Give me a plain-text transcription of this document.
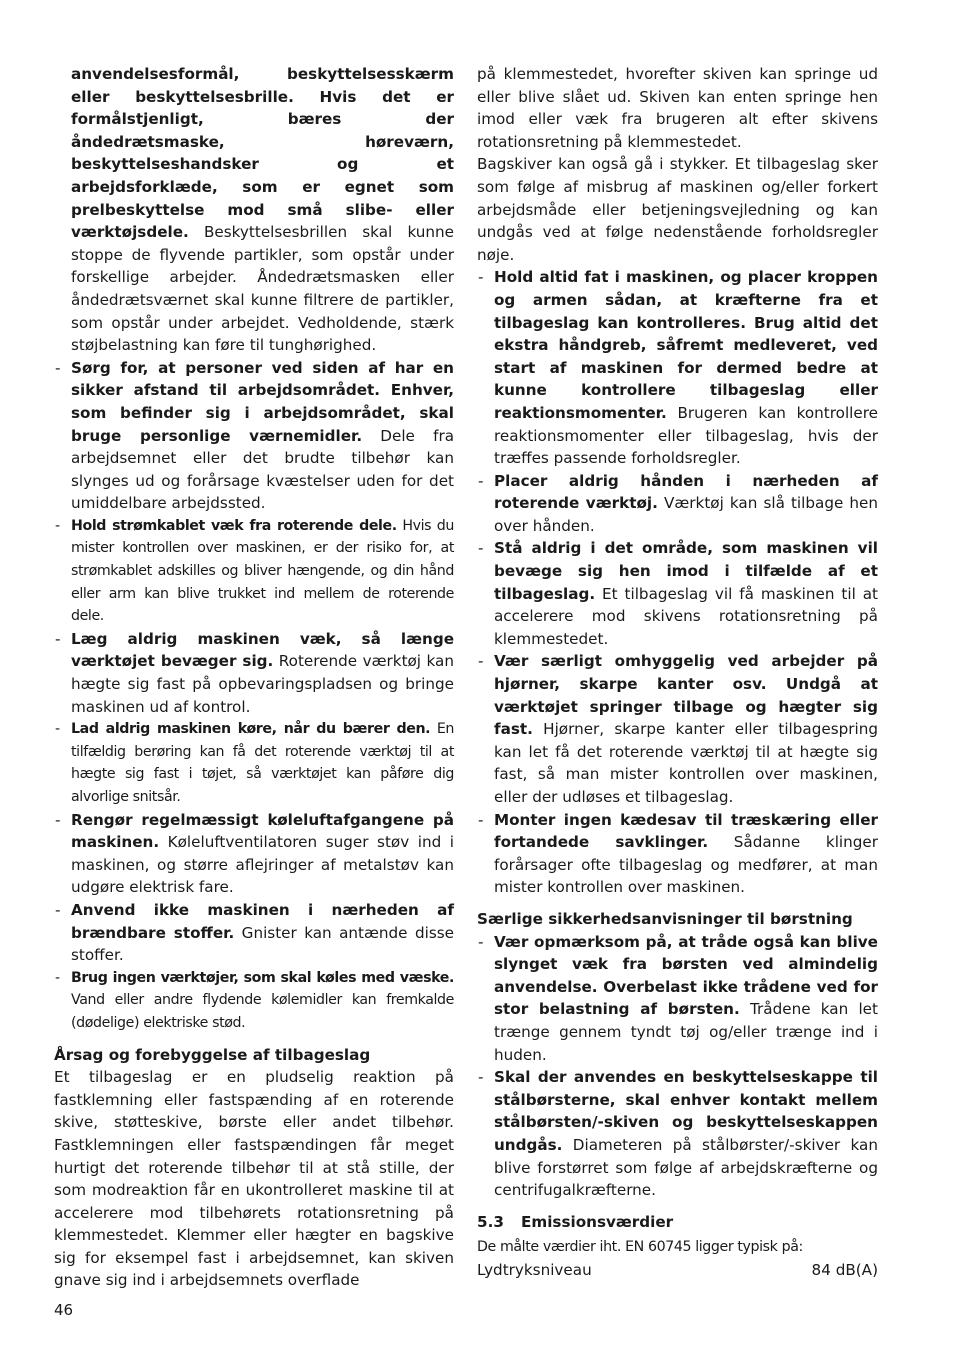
anvendelsesformål, beskyttelsesskærm eller beskyttelsesbrille. Hvis det er formålstjenligt, bæres der åndedrætsmaske, høreværn, beskyttelseshandsker og et arbejdsforklæde, som er egnet som prelbeskyttelse mod små slibe- eller værktøjsdele. Beskyttelsesbrillen skal kunne stoppe de flyvende partikler, som opstår under forskellige arbejder. Åndedrætsmasken eller åndedrætsværnet skal kunne filtrere de partikler, som opstår under arbejdet. Vedholdende, stærk støjbelastning kan føre til tunghørighed.

- Sørg for, at personer ved siden af har en sikker afstand til arbejdsområdet. Enhver, som befinder sig i arbejdsområdet, skal bruge personlige værnemidler. Dele fra arbejdsemnet eller det brudte tilbehør kan slynges ud og forårsage kvæstelser uden for det umiddelbare arbejdssted.
- Hold strømkablet væk fra roterende dele. Hvis du mister kontrollen over maskinen, er der risiko for, at strømkablet adskilles og bliver hængende, og din hånd eller arm kan blive trukket ind mellem de roterende dele.
- Læg aldrig maskinen væk, så længe værktøjet bevæger sig. Roterende værktøj kan hægte sig fast på opbevaringspladsen og bringe maskinen ud af kontrol.
- Lad aldrig maskinen køre, når du bærer den. En tilfældig berøring kan få det roterende værktøj til at hægte sig fast i tøjet, så værktøjet kan påføre dig alvorlige snitsår.
- Rengør regelmæssigt køleluftafgangene på maskinen. Køleluftventilatoren suger støv ind i maskinen, og større aflejringer af metalstøv kan udgøre elektrisk fare.
- Anvend ikke maskinen i nærheden af brændbare stoffer. Gnister kan antænde disse stoffer.
- Brug ingen værktøjer, som skal køles med væske. Vand eller andre flydende kølemidler kan fremkalde (dødelige) elektriske stød.
Årsag og forebyggelse af tilbageslag

Et tilbageslag er en pludselig reaktion på fastklemning eller fastspænding af en roterende skive, støtteskive, børste eller andet tilbehør. Fastklemningen eller fastspændingen får meget hurtigt det roterende tilbehør til at stå stille, der som modreaktion får en ukontrolleret maskine til at accelerere mod tilbehørets rotationsretning på klemmestedet. Klemmer eller hægter en bagskive sig for eksempel fast i arbejdsemnet, kan skiven gnave sig ind i arbejdsemnets overflade

på klemmestedet, hvorefter skiven kan springe ud eller blive slået ud. Skiven kan enten springe hen imod eller væk fra brugeren alt efter skivens rotationsretning på klemmestedet.

Bagskiver kan også gå i stykker. Et tilbageslag sker som følge af misbrug af maskinen og/eller forkert arbejdsmåde eller betjeningsvejledning og kan undgås ved at følge nedenstående forholdsregler nøje.

- Hold altid fat i maskinen, og placer kroppen og armen sådan, at kræfterne fra et tilbageslag kan kontrolleres. Brug altid det ekstra håndgreb, såfremt medleveret, ved start af maskinen for dermed bedre at kunne kontrollere tilbageslag eller reaktionsmomenter. Brugeren kan kontrollere reaktionsmomenter eller tilbageslag, hvis der træffes passende forholdsregler.
- Placer aldrig hånden i nærheden af roterende værktøj. Værktøj kan slå tilbage hen over hånden.
- Stå aldrig i det område, som maskinen vil bevæge sig hen imod i tilfælde af et tilbageslag. Et tilbageslag vil få maskinen til at accelerere mod skivens rotationsretning på klemmestedet.
- Vær særligt omhyggelig ved arbejder på hjørner, skarpe kanter osv. Undgå at værktøjet springer tilbage og hægter sig fast. Hjørner, skarpe kanter eller tilbagespring kan let få det roterende værktøj til at hægte sig fast, så man mister kontrollen over maskinen, eller der udløses et tilbageslag.
- Monter ingen kædesav til træskæring eller fortandede savklinger. Sådanne klinger forårsager ofte tilbageslag og medfører, at man mister kontrollen over maskinen.
Særlige sikkerhedsanvisninger til børstning
- Vær opmærksom på, at tråde også kan blive slynget væk fra børsten ved almindelig anvendelse. Overbelast ikke trådene ved for stor belastning af børsten. Trådene kan let trænge gennem tyndt tøj og/eller trænge ind i huden.
- Skal der anvendes en beskyttelseskappe til stålbørsterne, skal enhver kontakt mellem stålbørsten/-skiven og beskyttelseskappen undgås. Diameteren på stålbørster/-skiver kan blive forstørret som følge af arbejdskræfterne og centrifugalkræfterne.
5.3 Emissionsværdier

De målte værdier iht. EN 60745 ligger typisk på:

Lydtryksniveau	84 dB(A)
46
